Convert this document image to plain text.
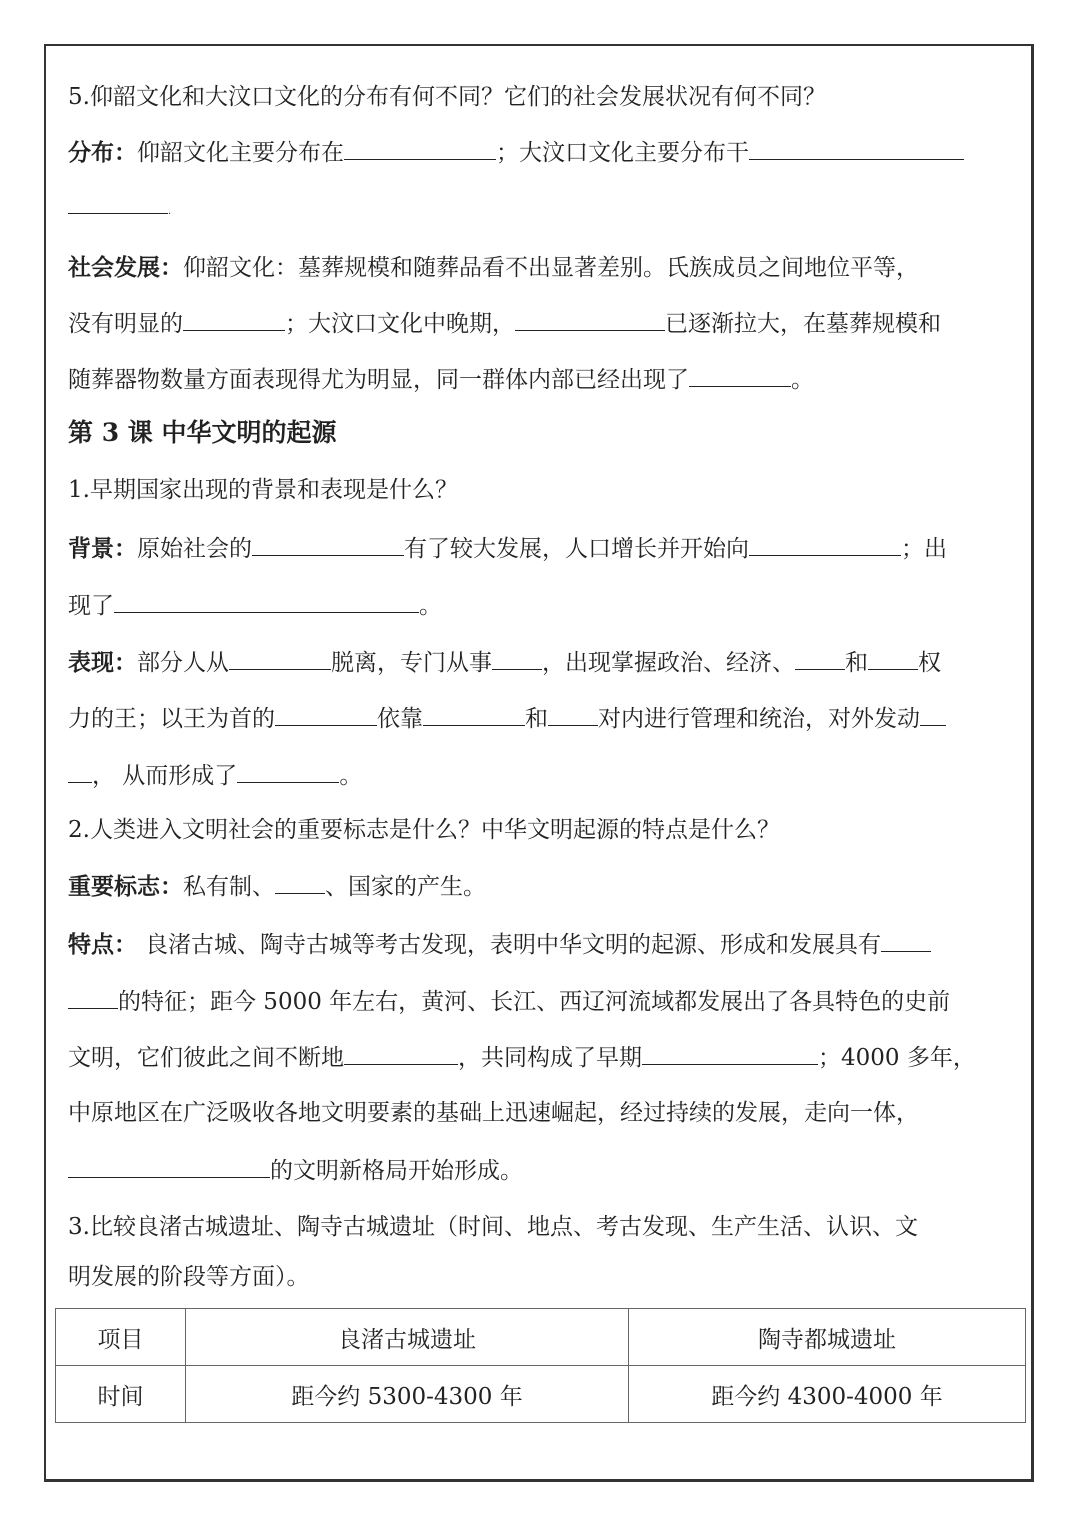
5.仰韶文化和大汶口文化的分布有何不同？它们的社会发展状况有何不同？
分布：仰韶文化主要分布在	；大汶口文化主要分布干
.
社会发展：仰韶文化：墓葬规模和随葬品看不出显著差别。氏族成员之间地位平等，
没有明显的	；大汶口文化中晚期，	已逐渐拉大，在墓葬规模和
随葬器物数量方面表现得尤为明显，同一群体内部已经出现了	。
第 3 课 中华文明的起源
1.早期国家出现的背景和表现是什么？
背景：原始社会的	有了较大发展，人口增长并开始向	；出
现了	。
表现：部分人从	脱离，专门从事 ，出现掌握政治、经济、 和 权
力的王；以王为首的	依靠	和 对内进行管理和统治，对外发动
， 从而形成了	。
2.人类进入文明社会的重要标志是什么？中华文明起源的特点是什么？
重要标志：私有制、 、国家的产生。
特点： 良渚古城、陶寺古城等考古发现，表明中华文明的起源、形成和发展具有
的特征；距今 5000 年左右，黄河、长江、西辽河流域都发展出了各具特色的史前
文明，它们彼此之间不断地	，共同构成了早期	；4000 多年，
中原地区在广泛吸收各地文明要素的基础上迅速崛起，经过持续的发展，走向一体，
的文明新格局开始形成。
3.比较良渚古城遗址、陶寺古城遗址（时间、地点、考古发现、生产生活、认识、文
明发展的阶段等方面）。
项目	良渚古城遗址	陶寺都城遗址
时间	距今约 5300-4300 年	距今约 4300-4000 年
